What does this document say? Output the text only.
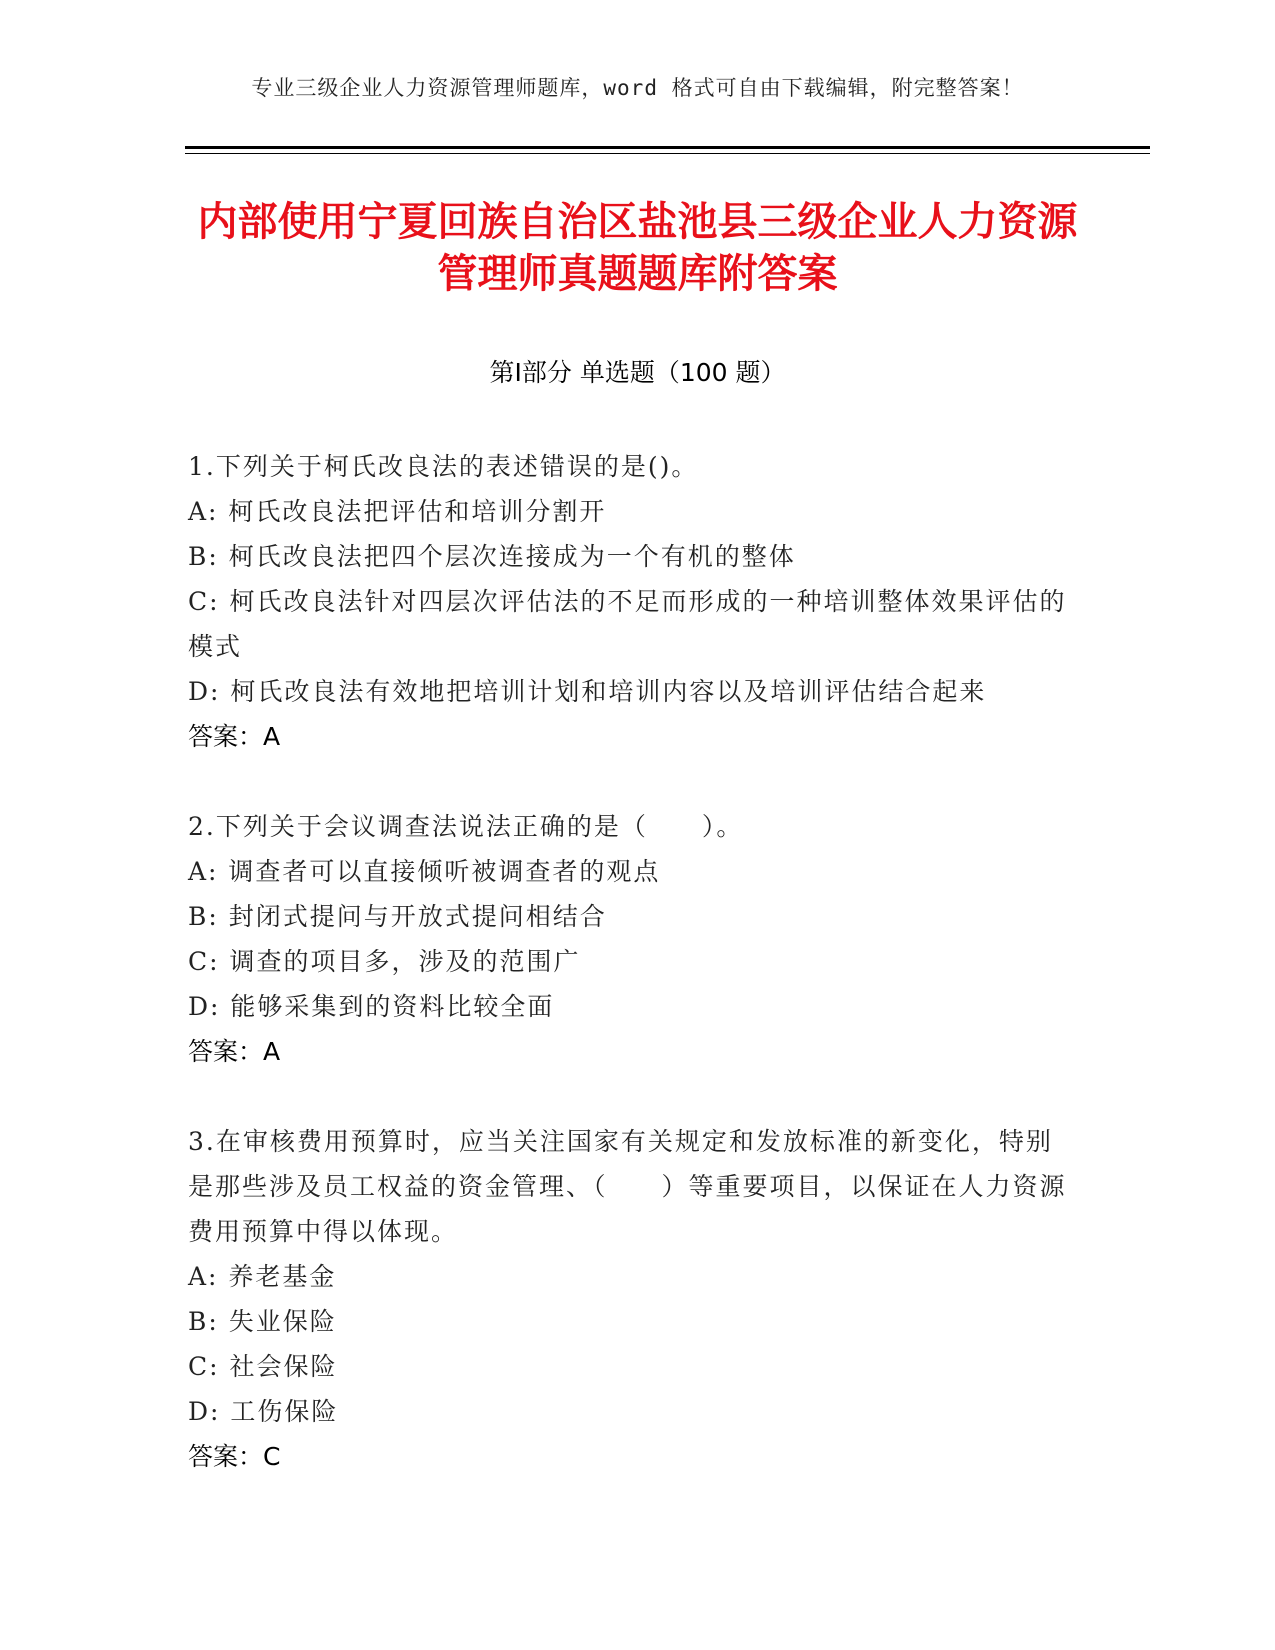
专业三级企业人力资源管理师题库，word 格式可自由下载编辑，附完整答案！
内部使用宁夏回族自治区盐池县三级企业人力资源管理师真题题库附答案
第Ⅰ部分 单选题（100 题）
1.下列关于柯氏改良法的表述错误的是()。
A: 柯氏改良法把评估和培训分割开
B: 柯氏改良法把四个层次连接成为一个有机的整体
C: 柯氏改良法针对四层次评估法的不足而形成的一种培训整体效果评估的模式
D: 柯氏改良法有效地把培训计划和培训内容以及培训评估结合起来
答案：A
2.下列关于会议调查法说法正确的是（　　）。
A: 调查者可以直接倾听被调查者的观点
B: 封闭式提问与开放式提问相结合
C: 调查的项目多，涉及的范围广
D: 能够采集到的资料比较全面
答案：A
3.在审核费用预算时，应当关注国家有关规定和发放标准的新变化，特别是那些涉及员工权益的资金管理、（　　）等重要项目，以保证在人力资源费用预算中得以体现。
A: 养老基金
B: 失业保险
C: 社会保险
D: 工伤保险
答案：C
